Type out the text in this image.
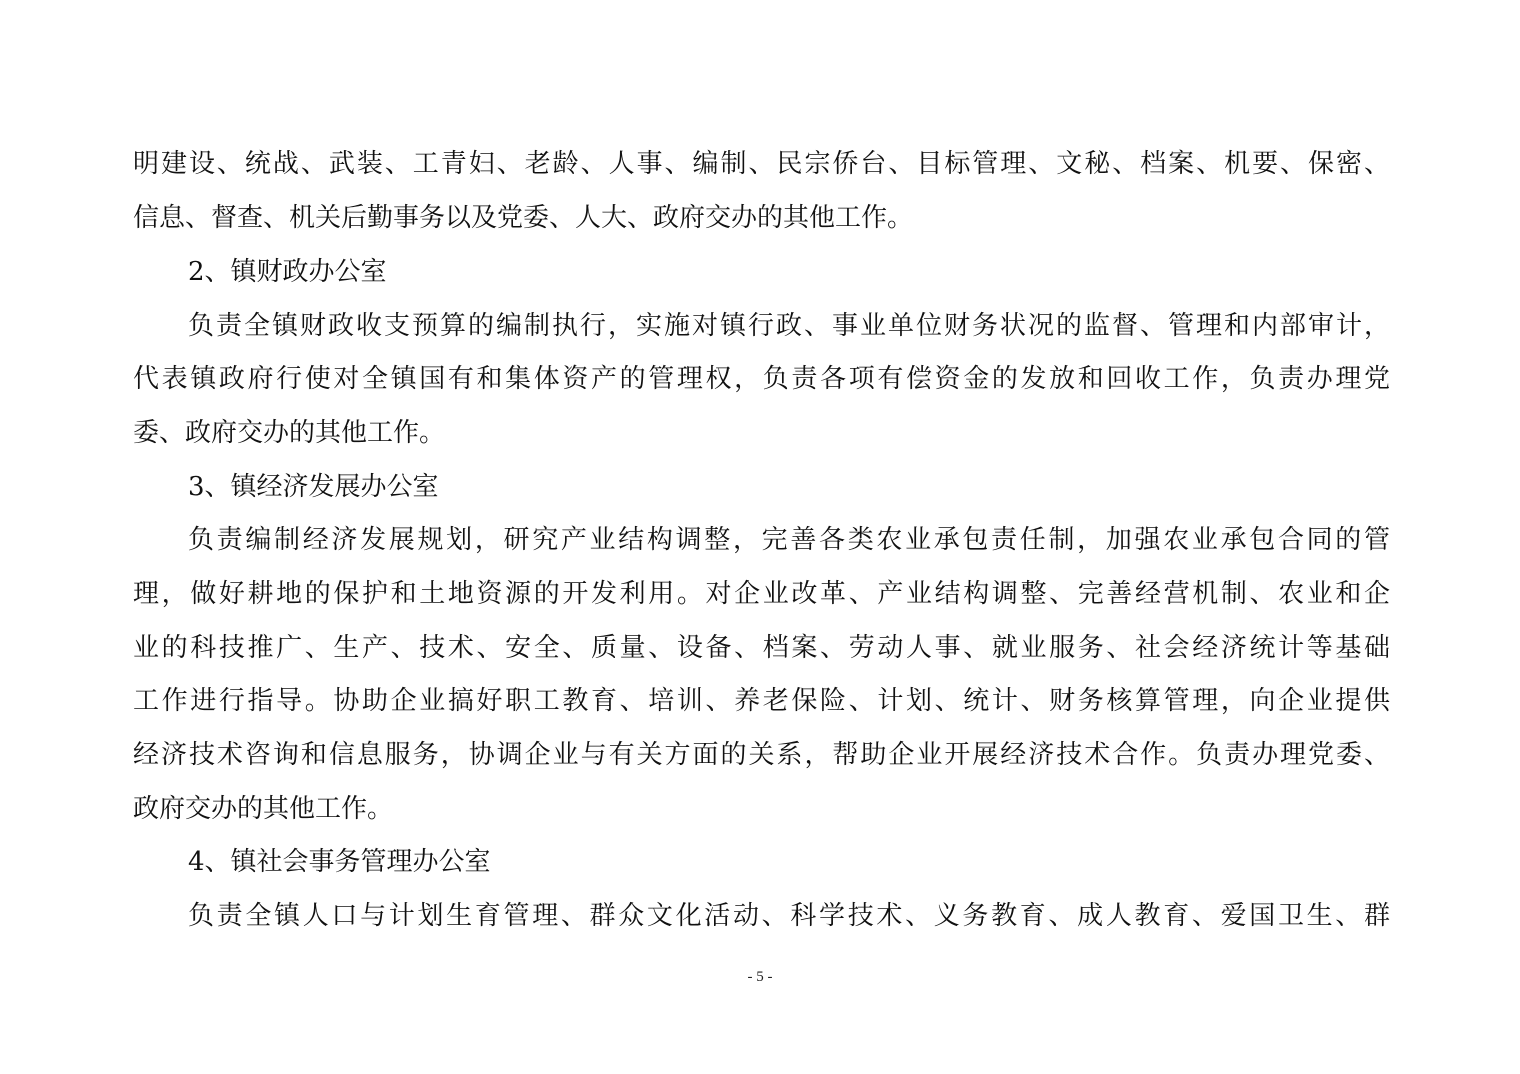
明建设、统战、武装、工青妇、老龄、人事、编制、民宗侨台、目标管理、文秘、档案、机要、保密、
信息、督查、机关后勤事务以及党委、人大、政府交办的其他工作。
2、镇财政办公室
负责全镇财政收支预算的编制执行，实施对镇行政、事业单位财务状况的监督、管理和内部审计，
代表镇政府行使对全镇国有和集体资产的管理权，负责各项有偿资金的发放和回收工作，负责办理党
委、政府交办的其他工作。
3、镇经济发展办公室
负责编制经济发展规划，研究产业结构调整，完善各类农业承包责任制，加强农业承包合同的管
理，做好耕地的保护和土地资源的开发利用。对企业改革、产业结构调整、完善经营机制、农业和企
业的科技推广、生产、技术、安全、质量、设备、档案、劳动人事、就业服务、社会经济统计等基础
工作进行指导。协助企业搞好职工教育、培训、养老保险、计划、统计、财务核算管理，向企业提供
经济技术咨询和信息服务，协调企业与有关方面的关系，帮助企业开展经济技术合作。负责办理党委、
政府交办的其他工作。
4、镇社会事务管理办公室
负责全镇人口与计划生育管理、群众文化活动、科学技术、义务教育、成人教育、爱国卫生、群
- 5 -
